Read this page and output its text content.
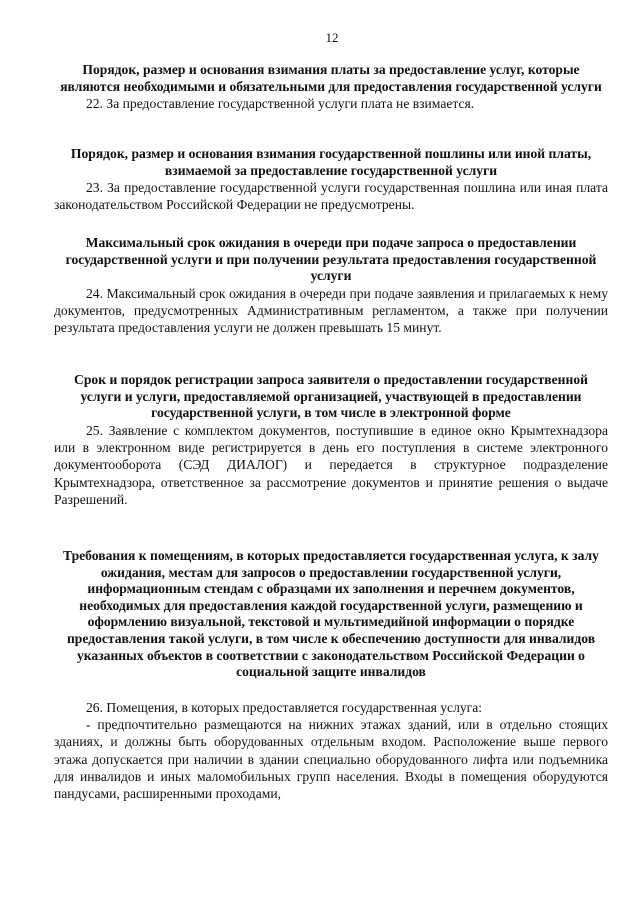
12

Порядок, размер и основания взимания платы за предоставление услуг, которые являются необходимыми и обязательными для предоставления государственной услуги

22. За предоставление государственной услуги плата не взимается.

Порядок, размер и основания взимания государственной пошлины или иной платы, взимаемой за предоставление государственной услуги

23. За предоставление государственной услуги государственная пошлина или иная плата законодательством Российской Федерации не предусмотрены.

Максимальный срок ожидания в очереди при подаче запроса о предоставлении государственной услуги и при получении результата предоставления государственной услуги

24. Максимальный срок ожидания в очереди при подаче заявления и прилагаемых к нему документов, предусмотренных Административным регламентом, а также при получении результата предоставления услуги не должен превышать 15 минут.

Срок и порядок регистрации запроса заявителя о предоставлении государственной услуги и услуги, предоставляемой организацией, участвующей в предоставлении государственной услуги, в том числе в электронной форме

25. Заявление с комплектом документов, поступившие в единое окно Крымтехнадзора или в электронном виде регистрируется в день его поступления в системе электронного документооборота (СЭД ДИАЛОГ) и передается в структурное подразделение Крымтехнадзора, ответственное за рассмотрение документов и принятие решения о выдаче Разрешений.

Требования к помещениям, в которых предоставляется государственная услуга, к залу ожидания, местам для запросов о предоставлении государственной услуги, информационным стендам с образцами их заполнения и перечнем документов, необходимых для предоставления каждой государственной услуги, размещению и оформлению визуальной, текстовой и мультимедийной информации о порядке предоставления такой услуги, в том числе к обеспечению доступности для инвалидов указанных объектов в соответствии с законодательством Российской Федерации о социальной защите инвалидов

26. Помещения, в которых предоставляется государственная услуга:

- предпочтительно размещаются на нижних этажах зданий, или в отдельно стоящих зданиях, и должны быть оборудованных отдельным входом. Расположение выше первого этажа допускается при наличии в здании специально оборудованного лифта или подъемника для инвалидов и иных маломобильных групп населения. Входы в помещения оборудуются пандусами, расширенными проходами,
